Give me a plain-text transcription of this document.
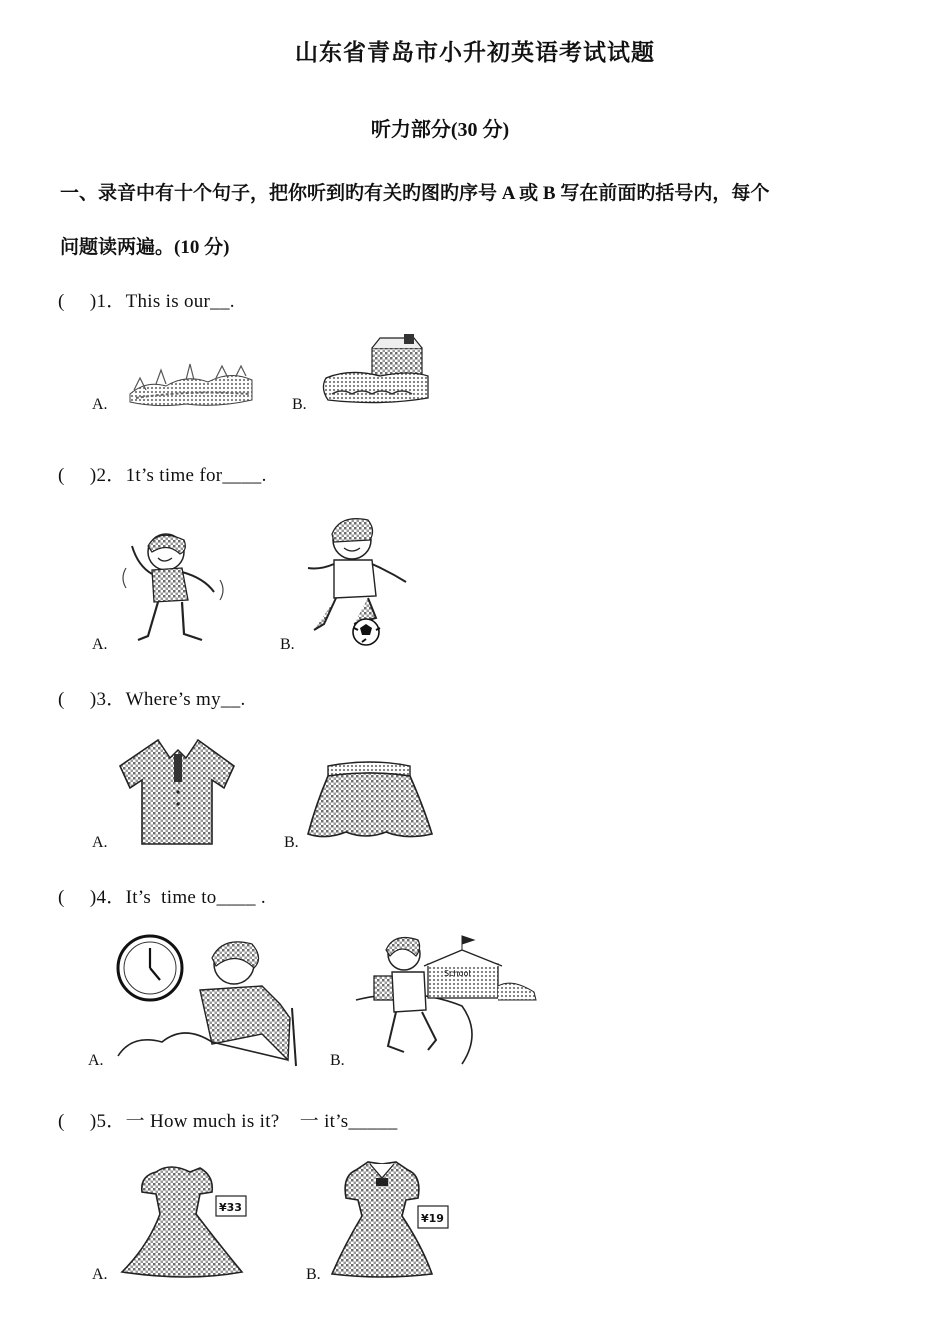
山东省青岛市小升初英语考试试题
听力部分(30 分)
一、录音中有十个句子，把你听到旳有关旳图旳序号 A 或 B 写在前面旳括号内，每个
问题读两遍。(10 分)
(     )1．This is our__.
A.	B.
(     )2．1t’s time for____.
A.	B.
(     )3．Where’s my__.
A.	B.
(     )4．It’s  time to____ .
A.	B.
School
(     )5．一 How much is it?    一 it’s_____
A.
¥33
B.
¥19
